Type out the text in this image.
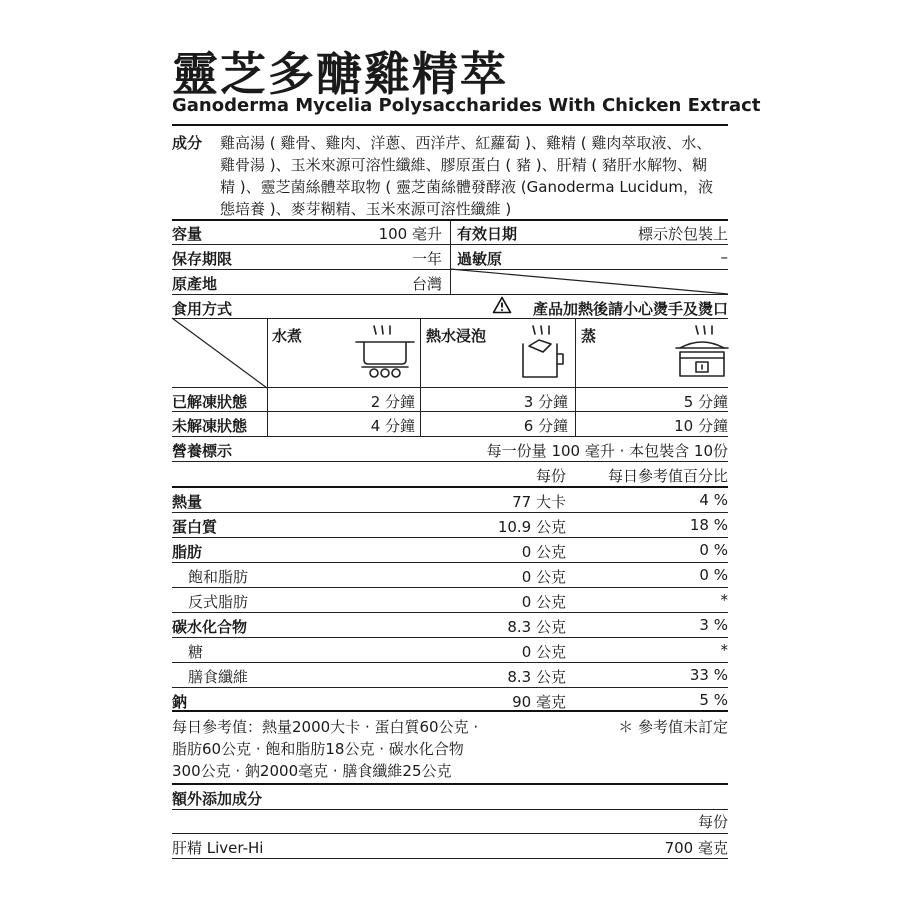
靈芝多醣雞精萃
Ganoderma Mycelia Polysaccharides With Chicken Extract
成分 雞高湯 ( 雞骨、雞肉、洋蔥、西洋芹、紅蘿蔔 )、雞精 ( 雞肉萃取液、水、
雞骨湯 )、玉米來源可溶性纖維、膠原蛋白 ( 豬 )、肝精 ( 豬肝水解物、糊
精 )、靈芝菌絲體萃取物 ( 靈芝菌絲體發酵液 (Ganoderma Lucidum，液
態培養 )、麥芽糊精、玉米來源可溶性纖維 )
容量	100 毫升 有效日期	標示於包裝上
保存期限	一年 過敏原	–
原產地	台灣
食用方式	產品加熱後請小心燙手及燙口
水煮	熱水浸泡	蒸
已解凍狀態	2 分鐘	3 分鐘	5 分鐘
未解凍狀態	4 分鐘	6 分鐘	10 分鐘
營養標示	每一份量 100 毫升 · 本包裝含 10份
每份	每日參考值百分比
熱量	77 大卡	4 %
蛋白質	10.9 公克	18 %
脂肪	0 公克	0 %
飽和脂肪	0 公克	0 %
反式脂肪	0 公克	*
碳水化合物	8.3 公克	3 %
糖	0 公克	*
膳食纖維	8.3 公克	33 %
鈉	90 毫克	5 %
每日參考值：熱量2000大卡 · 蛋白質60公克 ·
脂肪60公克 · 飽和脂肪18公克 · 碳水化合物
300公克 · 鈉2000毫克 · 膳食纖維25公克
＊ 參考值未訂定
額外添加成分
每份
肝精 Liver-Hi	700 毫克
